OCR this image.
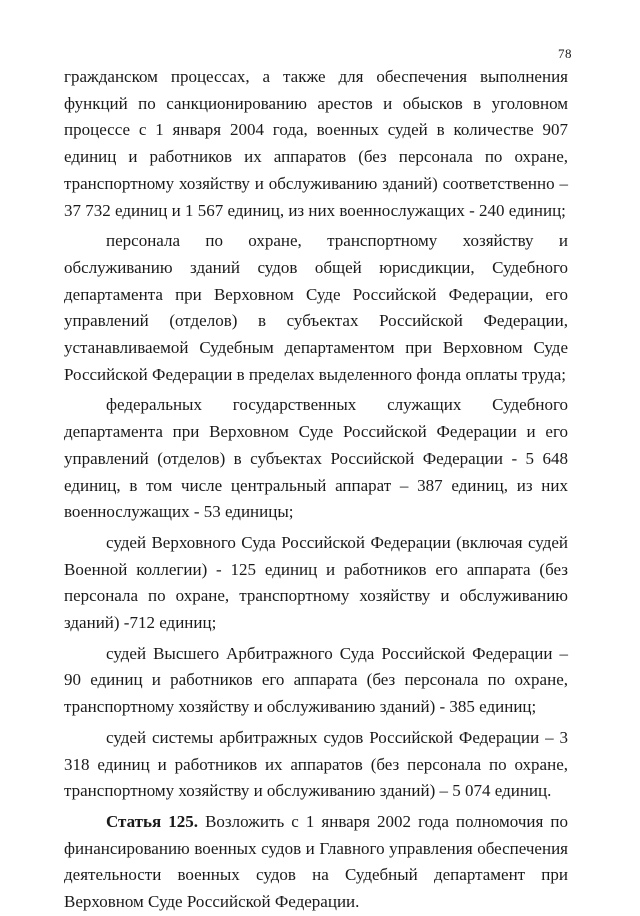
78

гражданском процессах, а также для обеспечения выполнения функций по санкционированию арестов и обысков в уголовном процессе с 1 января 2004 года, военных судей в количестве 907 единиц и работников их аппаратов (без персонала по охране, транспортному хозяйству и обслуживанию зданий) соответственно – 37 732 единиц и 1 567 единиц, из них военнослужащих - 240 единиц;

персонала по охране, транспортному хозяйству и обслуживанию зданий судов общей юрисдикции, Судебного департамента при Верховном Суде Российской Федерации, его управлений (отделов) в субъектах Российской Федерации, устанавливаемой Судебным департаментом при Верховном Суде Российской Федерации в пределах выделенного фонда оплаты труда;

федеральных государственных служащих Судебного департамента при Верховном Суде Российской Федерации и его управлений (отделов) в субъектах Российской Федерации - 5 648 единиц, в том числе центральный аппарат – 387 единиц, из них военнослужащих - 53 единицы;

судей Верховного Суда Российской Федерации (включая судей Военной коллегии) - 125 единиц и работников его аппарата (без персонала по охране, транспортному хозяйству и обслуживанию зданий) -712 единиц;

судей Высшего Арбитражного Суда Российской Федерации – 90 единиц и работников его аппарата (без персонала по охране, транспортному хозяйству и обслуживанию зданий) - 385 единиц;

судей системы арбитражных судов Российской Федерации – 3 318 единиц и работников их аппаратов (без персонала по охране, транспортному хозяйству и обслуживанию зданий) – 5 074 единиц.

Статья 125. Возложить с 1 января 2002 года полномочия по финансированию военных судов и Главного управления обеспечения деятельности военных судов на Судебный департамент при Верховном Суде Российской Федерации.
